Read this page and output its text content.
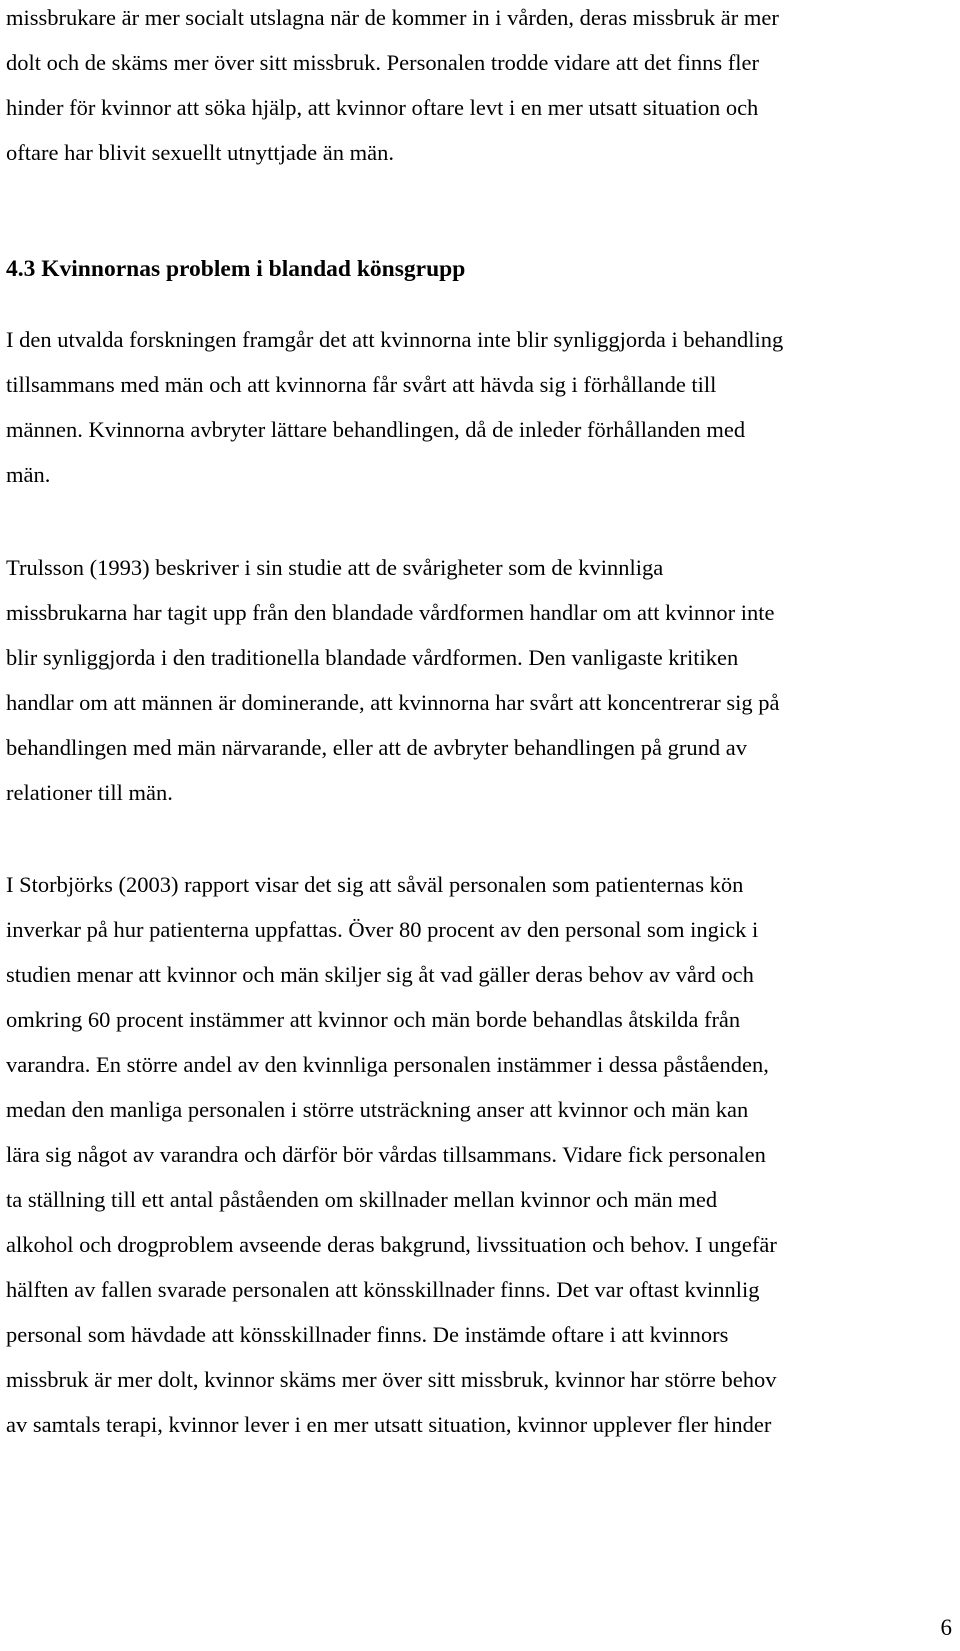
missbrukare är mer socialt utslagna när de kommer in i vården, deras missbruk är mer
dolt och de skäms mer över sitt missbruk. Personalen trodde vidare att det finns fler
hinder för kvinnor att söka hjälp, att kvinnor oftare levt i en mer utsatt situation och
oftare har blivit sexuellt utnyttjade än män.
4.3 Kvinnornas problem i blandad könsgrupp
I den utvalda forskningen framgår det att kvinnorna inte blir synliggjorda i behandling
tillsammans med män och att kvinnorna får svårt att hävda sig i förhållande till
männen. Kvinnorna avbryter lättare behandlingen, då de inleder förhållanden med
män.
Trulsson (1993) beskriver i sin studie att de svårigheter som de kvinnliga
missbrukarna har tagit upp från den blandade vårdformen handlar om att kvinnor inte
blir synliggjorda i den traditionella blandade vårdformen. Den vanligaste kritiken
handlar om att männen är dominerande, att kvinnorna har svårt att koncentrerar sig på
behandlingen med män närvarande, eller att de avbryter behandlingen på grund av
relationer till män.
I Storbjörks (2003) rapport visar det sig att såväl personalen som patienternas kön
inverkar på hur patienterna uppfattas. Över 80 procent av den personal som ingick i
studien menar att kvinnor och män skiljer sig åt vad gäller deras behov av vård och
omkring 60 procent instämmer att kvinnor och män borde behandlas åtskilda från
varandra. En större andel av den kvinnliga personalen instämmer i dessa påståenden,
medan den manliga personalen i större utsträckning anser att kvinnor och män kan
lära sig något av varandra och därför bör vårdas tillsammans. Vidare fick personalen
ta ställning till ett antal påståenden om skillnader mellan kvinnor och män med
alkohol och drogproblem avseende deras bakgrund, livssituation och behov. I ungefär
hälften av fallen svarade personalen att könsskillnader finns. Det var oftast kvinnlig
personal som hävdade att könsskillnader finns. De instämde oftare i att kvinnors
missbruk är mer dolt, kvinnor skäms mer över sitt missbruk, kvinnor har större behov
av samtals terapi, kvinnor lever i en mer utsatt situation, kvinnor upplever fler hinder
6
